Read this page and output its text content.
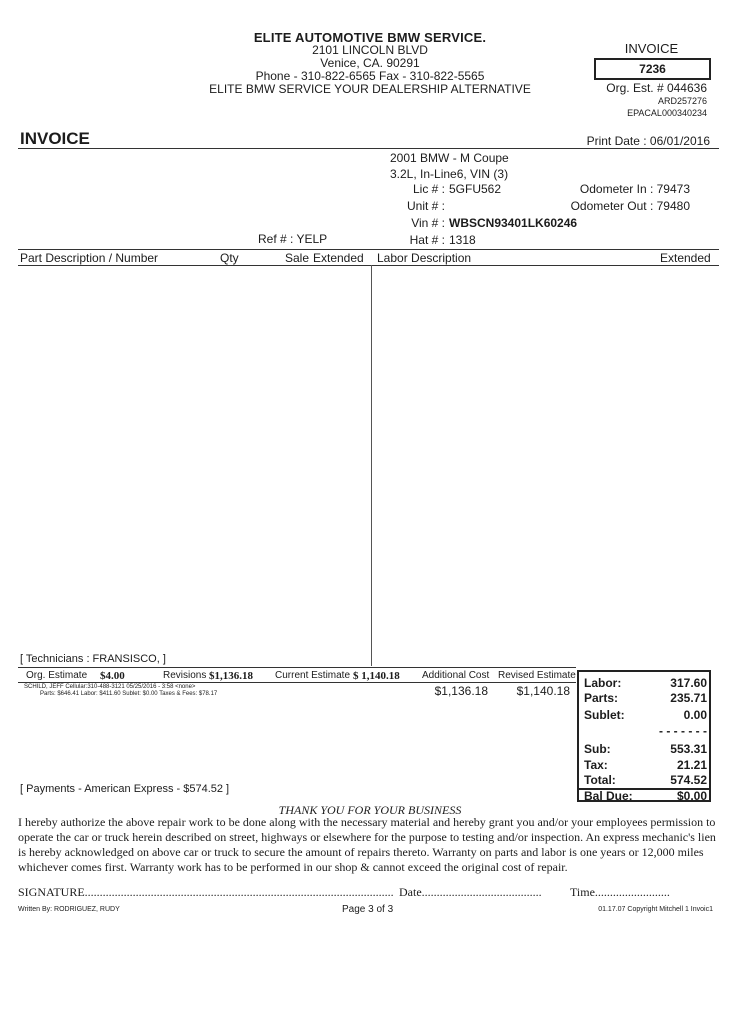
ELITE AUTOMOTIVE BMW SERVICE.
2101 LINCOLN BLVD
Venice, CA. 90291
Phone - 310-822-6565 Fax - 310-822-5565
ELITE BMW SERVICE YOUR DEALERSHIP ALTERNATIVE
INVOICE
7236
Org. Est. # 044636
ARD257276
EPACAL000340234
INVOICE	Print Date : 06/01/2016
2001 BMW - M Coupe
3.2L, In-Line6, VIN (3)
Lic # : 5GFU562
Unit # :
Vin # : WBSCN93401LK60246
Hat # : 1318
Odometer In : 79473
Odometer Out : 79480
Ref # : YELP
Part Description / Number	Qty	Sale Extended Labor Description	Extended
[ Technicians : FRANSISCO, ]
Org. Estimate $4.00	Revisions $1,136.18 Current Estimate $ 1,140.18 Additional Cost Revised Estimate
SCHILD, JEFF Cellular:310-488-3121 05/25/2016 - 3:58 <none>
Parts: $646.41 Labor: $411.60 Sublet: $0.00 Taxes & Fees: $78.17	$1,136.18	$1,140.18
Labor:	317.60
Parts:	235.71
Sublet:	0.00
- - - - - - -
Sub:	553.31
Tax:	21.21
Total:	574.52
Bal Due:	$0.00
[ Payments - American Express - $574.52 ]
THANK YOU FOR YOUR BUSINESS
I hereby authorize the above repair work to be done along with the necessary material and hereby grant you and/or your employees permission to operate the car or truck herein described on street, highways or elsewhere for the purpose to testing and/or inspection. An express mechanic's lien is hereby acknowledged on above car or truck to secure the amount of repairs thereto. Warranty on parts and labor is one years or 12,000 miles whichever comes first. Warranty work has to be performed in our shop & cannot exceed the original cost of repair.
SIGNATURE....................................................................................................... Date........................................ Time.........................
Written By: RODRIGUEZ, RUDY	Page 3 of 3	01.17.07 Copyright Mitchell 1 Invoic1
